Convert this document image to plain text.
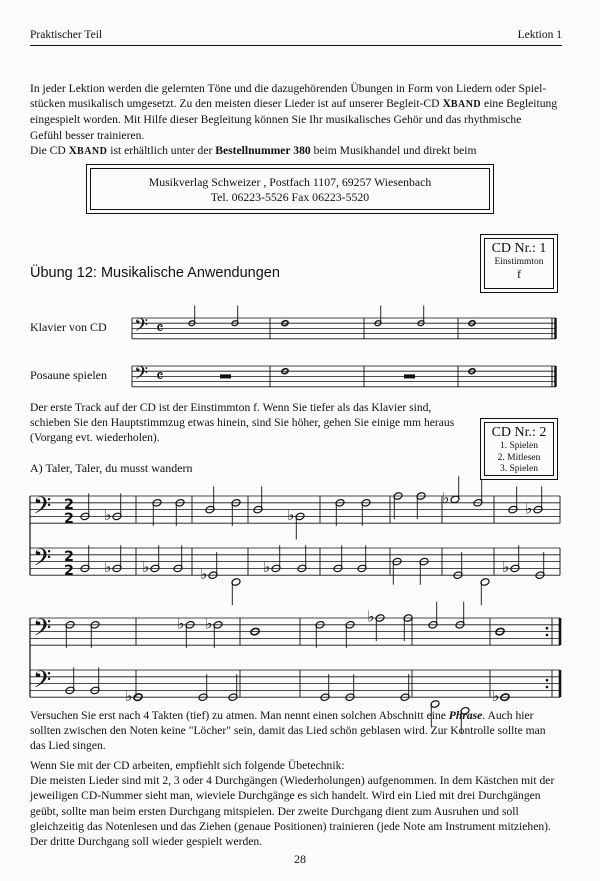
Praktischer Teil	Lektion 1

In jeder Lektion werden die gelernten Töne und die dazugehörenden Übungen in Form von Liedern oder Spiel-

stücken musikalisch umgesetzt. Zu den meisten dieser Lieder ist auf unserer Begleit-CD XBAND eine Begleitung

eingespielt worden. Mit Hilfe dieser Begleitung können Sie Ihr musikalisches Gehör und das rhythmische

Gefühl besser trainieren.

Die CD XBAND ist erhältlich unter der Bestellnummer 380 beim Musikhandel und direkt beim

Musikverlag Schweizer , Postfach 1107, 69257 Wiesenbach
Tel. 06223-5526 Fax 06223-5520
CD Nr.: 1
Einstimmton
f
Übung 12: Musikalische Anwendungen
Klavier von CD
Posaune spielen

Der erste Track auf der CD ist der Einstimmton f. Wenn Sie tiefer als das Klavier sind,

schieben Sie den Hauptstimmzug etwas hinein, sind Sie höher, gehen Sie einige mm heraus

(Vorgang evt. wiederholen).	CD Nr.: 2
1. Spielen
2. Mitlesen
3. Spielen
A) Taler, Taler, du musst wandern
𝄢 𝄴
𝄢 𝄴
𝄢 2
2
𝄢 2
2
♭	♭
♭
♭
♭ ♭	♭	♭	♭
𝄢
𝄢
♭ ♭	♭
♭	♭

Versuchen Sie erst nach 4 Takten (tief) zu atmen. Man nennt einen solchen Abschnitt eine Phrase. Auch hier

sollten zwischen den Noten keine "Löcher" sein, damit das Lied schön geblasen wird. Zur Kontrolle sollte man

das Lied singen.

Wenn Sie mit der CD arbeiten, empfiehlt sich folgende Übetechnik:

Die meisten Lieder sind mit 2, 3 oder 4 Durchgängen (Wiederholungen) aufgenommen. In dem Kästchen mit der

jeweiligen CD-Nummer sieht man, wieviele Durchgänge es sich handelt. Wird ein Lied mit drei Durchgängen

geübt, sollte man beim ersten Durchgang mitspielen. Der zweite Durchgang dient zum Ausruhen und soll

gleichzeitig das Notenlesen und das Ziehen (genaue Positionen) trainieren (jede Note am Instrument mitziehen).

Der dritte Durchgang soll wieder gespielt werden.

28
